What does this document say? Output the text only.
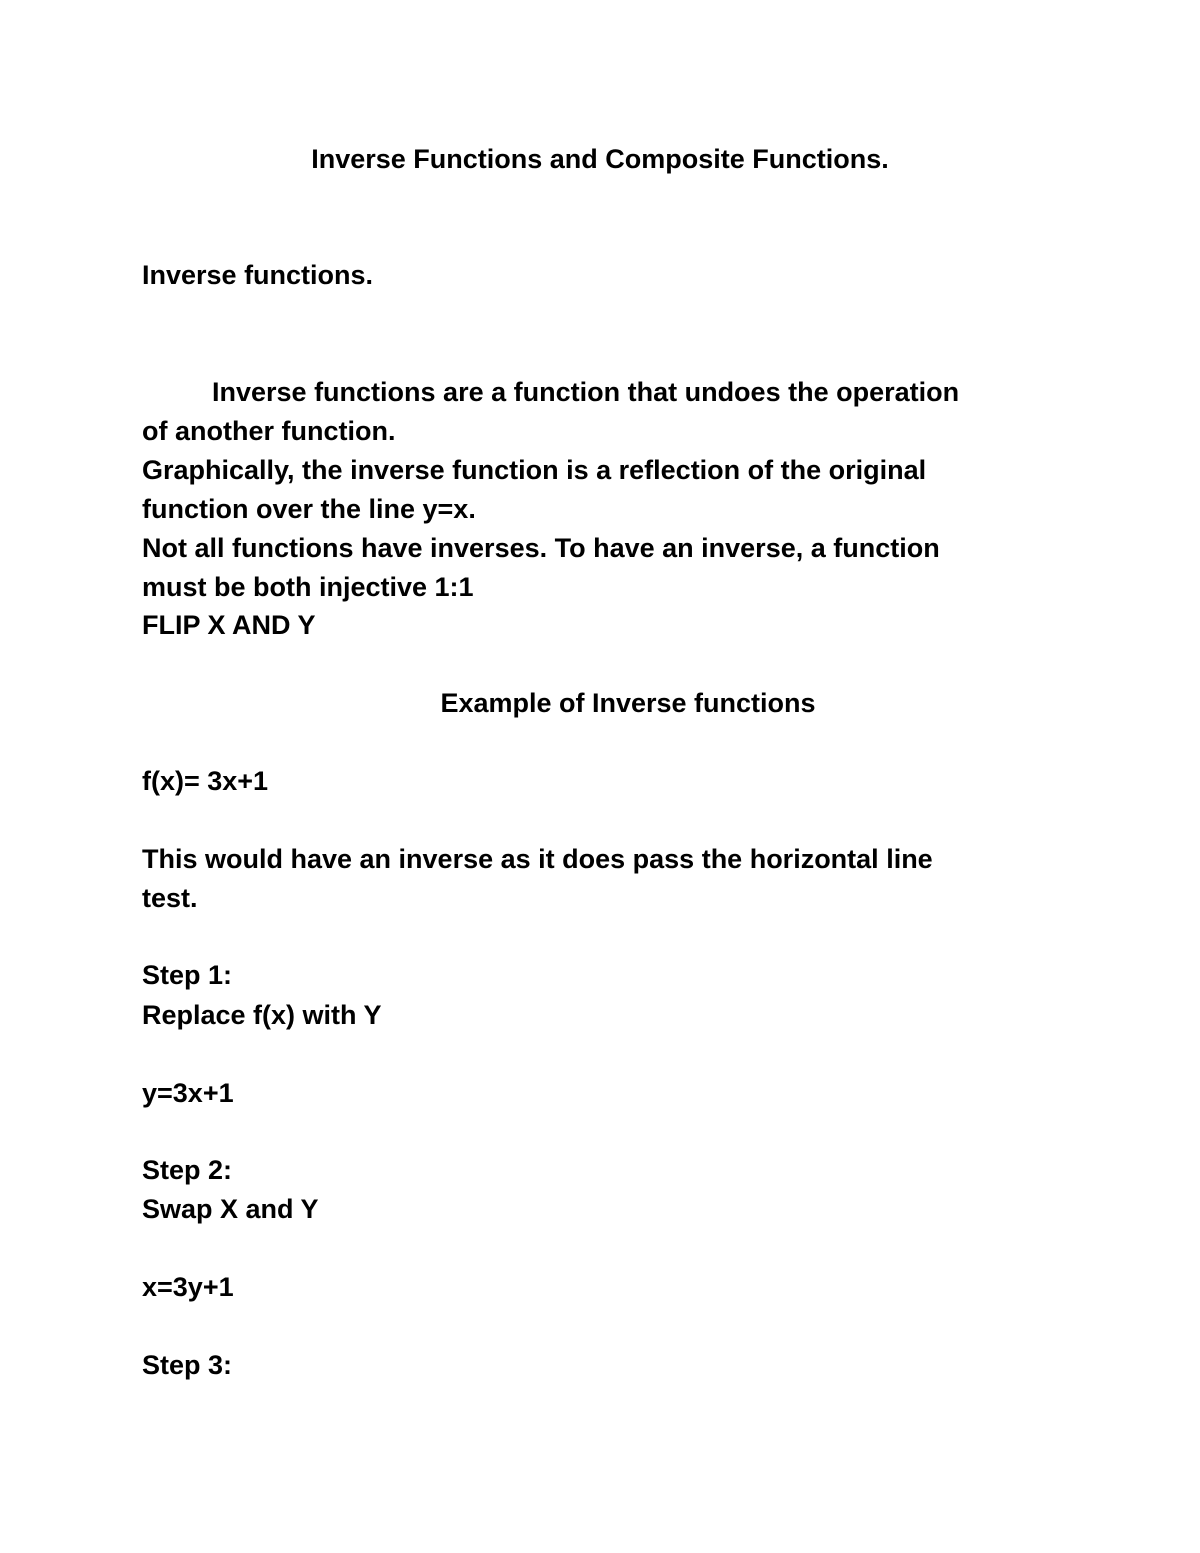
Inverse Functions and Composite Functions.
Inverse functions.
Inverse functions are a function that undoes the operation
of another function.
Graphically, the inverse function is a reflection of the original
function over the line y=x.
Not all functions have inverses. To have an inverse, a function
must be both injective 1:1
FLIP X AND Y
Example of Inverse functions
f(x)= 3x+1
This would have an inverse as it does pass the horizontal line
test.
Step 1:
Replace f(x) with Y
y=3x+1
Step 2:
Swap X and Y
x=3y+1
Step 3:
